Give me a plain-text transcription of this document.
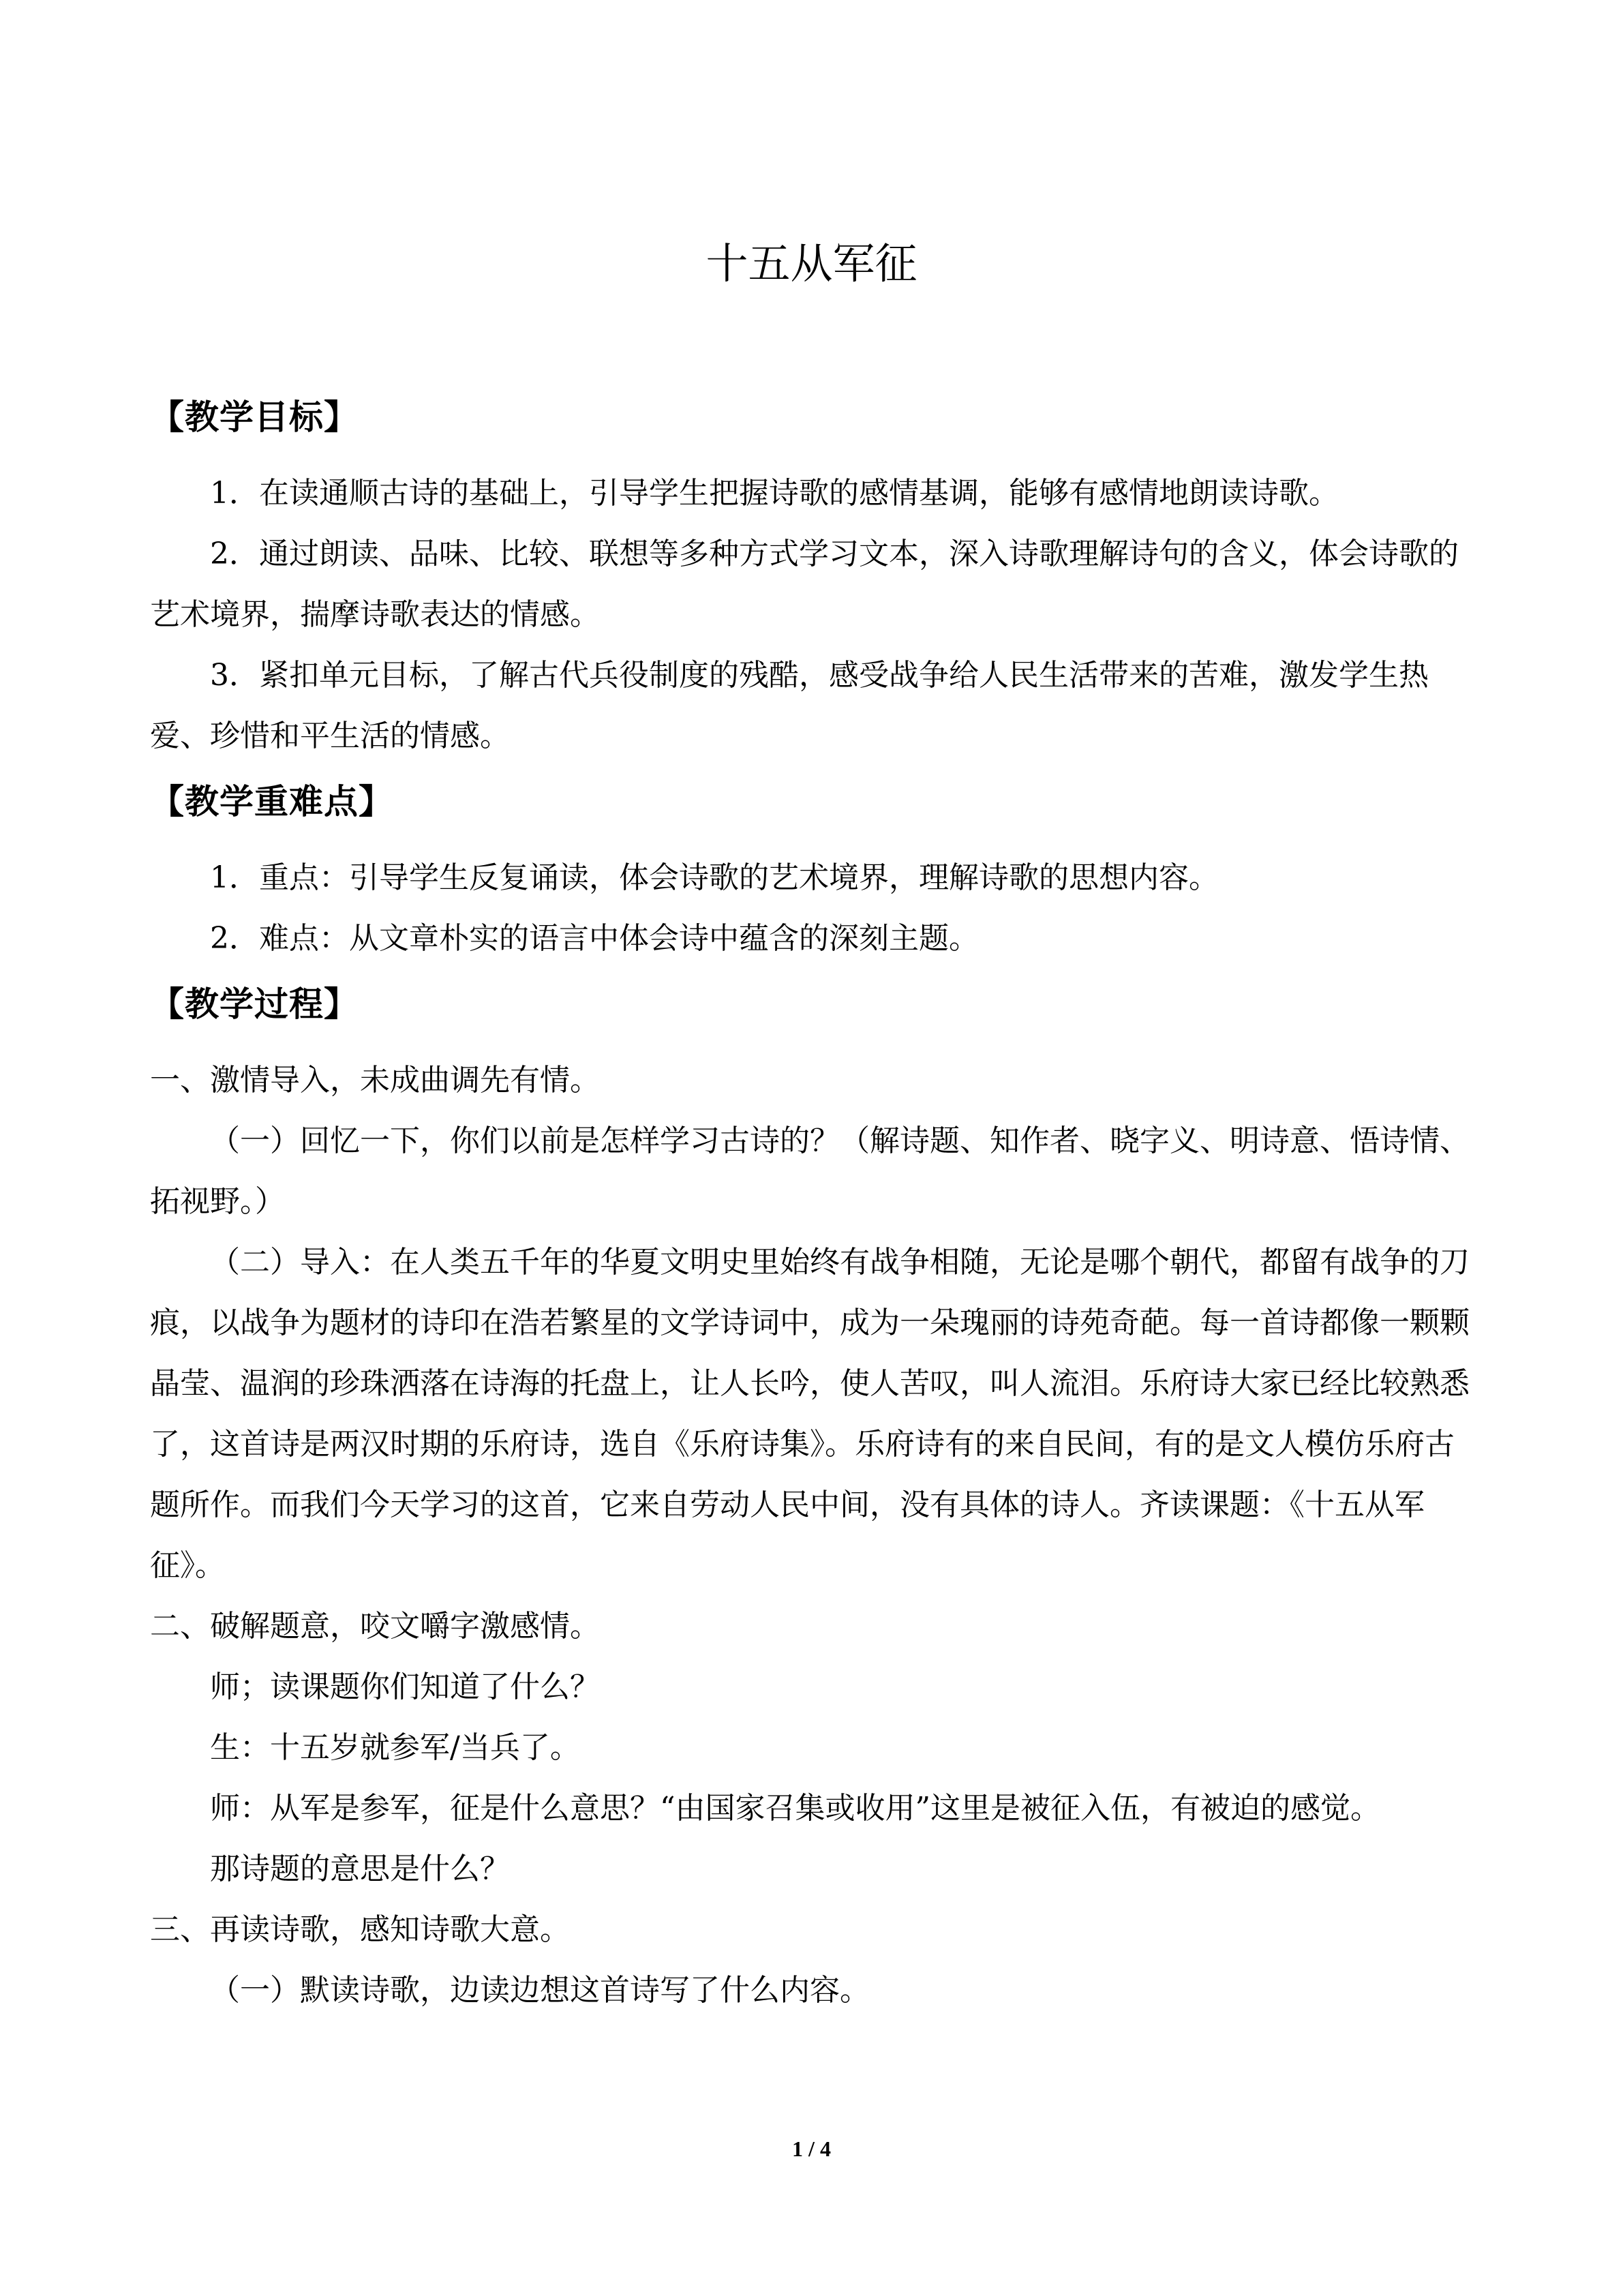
十五从军征
【教学目标】

1．在读通顺古诗的基础上，引导学生把握诗歌的感情基调，能够有感情地朗读诗歌。

2．通过朗读、品味、比较、联想等多种方式学习文本，深入诗歌理解诗句的含义，体会诗歌的艺术境界，揣摩诗歌表达的情感。

3．紧扣单元目标，了解古代兵役制度的残酷，感受战争给人民生活带来的苦难，激发学生热爱、珍惜和平生活的情感。

【教学重难点】

1．重点：引导学生反复诵读，体会诗歌的艺术境界，理解诗歌的思想内容。

2．难点：从文章朴实的语言中体会诗中蕴含的深刻主题。

【教学过程】

一、激情导入，未成曲调先有情。

（一）回忆一下，你们以前是怎样学习古诗的？（解诗题、知作者、晓字义、明诗意、悟诗情、拓视野。）

（二）导入：在人类五千年的华夏文明史里始终有战争相随，无论是哪个朝代，都留有战争的刀痕，以战争为题材的诗印在浩若繁星的文学诗词中，成为一朵瑰丽的诗苑奇葩。每一首诗都像一颗颗晶莹、温润的珍珠洒落在诗海的托盘上，让人长吟，使人苦叹，叫人流泪。乐府诗大家已经比较熟悉了，这首诗是两汉时期的乐府诗，选自《乐府诗集》。乐府诗有的来自民间，有的是文人模仿乐府古题所作。而我们今天学习的这首，它来自劳动人民中间，没有具体的诗人。齐读课题：《十五从军征》。

二、破解题意，咬文嚼字激感情。

师；读课题你们知道了什么？

生：十五岁就参军/当兵了。

师：从军是参军，征是什么意思？“由国家召集或收用”这里是被征入伍，有被迫的感觉。

那诗题的意思是什么？

三、再读诗歌，感知诗歌大意。

（一）默读诗歌，边读边想这首诗写了什么内容。

1 / 4
